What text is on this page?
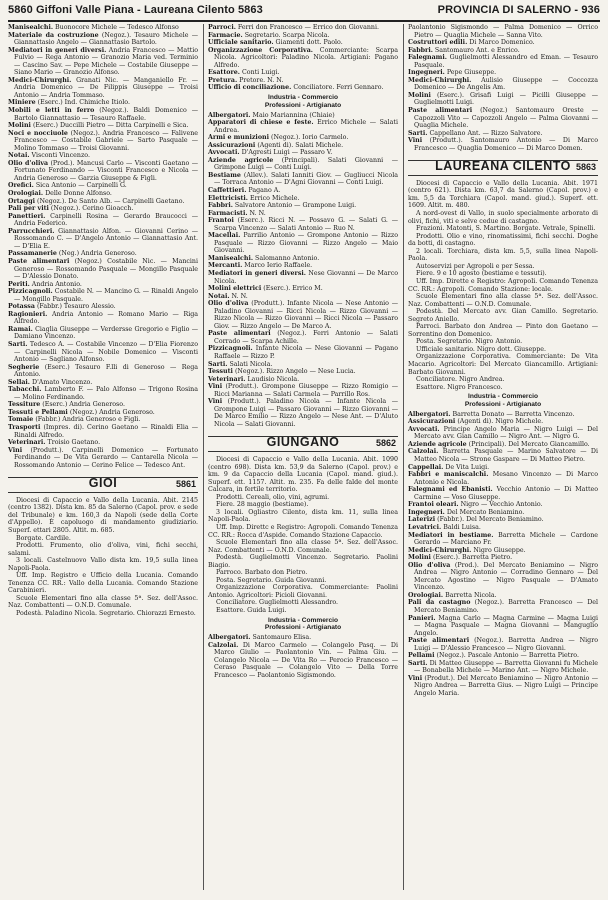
5860 Giffoni Valle Piana - Laureana Cilento 5863	PROVINCIA DI SALERNO - 936

Manisealchi. Buonocore Michele — Tedesco Alfonso

Materiale da costruzione (Negoz.). Tesauro Michele — Giannattasio Angelo — Giannattasio Bartolo.

Mediatori in generi diversi. Andria Francesco — Mattio Fulvio — Rega Antonio — Granozio Maria ved. Terminio — Cascino Sav. — Pepe Michele — Costabile Giuseppe — Siano Mario — Granozio Alfonso.

Medici-Chirurghi. Granati Nic. — Manganiello Fr. — Andria Domenico — De Filippis Giuseppe — Troisi Antonio — Andria Tommaso.

Miniere (Eserc.) Ind. Chimiche Itiolo.

Mobili e letti in ferro (Negoz.). Baldi Domenico — Bartolo Giannattasio — Tesauro Raffaele.

Molini (Eserc.) Duccilli Pietro — Ditta Carpinelli e Sica.

Noci e nocciuole (Negoz.). Andria Francesco — Falivene Francesco — Costabile Gabriele — Sarto Pasquale — Molino Tommaso — Troisi Giovanni.

Notai. Visconti Vincenzo.

Olio d'oliva (Prod.). Mancusi Carlo — Visconti Gaetano — Fortunato Ferdinando — Visconti Francesco e Nicola — Andria Generoso — Garzia Giuseppe & Figli.

Orefici. Sica Antonio — Carpinelli G.

Orologiai. Delle Donne Alfonso.

Ortaggi (Negoz.). De Santo Alb. — Carpinelli Gaetano.

Pali per viti (Negoz.). Cerino Gioacch.

Panettieri. Carpinelli Rosina — Gerardo Braucocci — Andria Federico.

Parrucchieri. Giannattasio Alfon. — Giovanni Cerino — Rossomando C. — D'Angelo Antonio — Giannattasio Ant. — D'Elia E.

Passamanerie (Neg.) Andria Generoso.

Paste alimentari (Negoz.) Costabile Nic. — Mancini Generoso — Rossomando Pasquale — Mongillo Pasquale — D'Alessio Donato.

Periti. Andria Antonio.

Pizzicagnoli. Costabile N. — Mancino G. — Rinaldi Angelo — Mongillo Pasquale.

Potassa (Fabbr.) Tesauro Alessio.

Ragionieri. Andria Antonio — Romano Mario — Riga Alfredo.

Ramai. Ciaglia Giuseppe — Verdersse Gregorio e Figlio — Damiano Vincenzo.

Sarti. Tedesco A. — Costabile Vincenzo — D'Elia Fiorenzo — Carpinelli Nicola — Nobile Domenico — Visconti Antonio — Sagliano Alfonso.

Segherie (Eserc.) Tesauro F.lli di Generoso — Rega Antonio.

Sellai. D'Amato Vincenzo.

Tabacchi. Lamberto F. — Palo Alfonso — Trigono Rosina — Molino Ferdinando.

Tessiture (Eserc.) Andria Generoso.

Tessuti e Pellami (Negoz.) Andria Generoso.

Tomaie (Fabbr.) Andria Generoso e Figli.

Trasporti (Impres. di). Cerino Gaetano — Rinaldi Elia — Rinaldi Alfredo.

Veterinari. Troisio Gaetano.

Vini (Produtt.). Carpinelli Domenico — Fortunato Ferdinando — De Vita Gerardo — Cantarella Nicola — Rossomando Antonio — Cerino Felice — Tedesco Ant.

GIOI	5861

Diocesi di Capaccio e Vallo della Lucania. Abit. 2145 (centro 1382). Dista km. 85 da Salerno (Capol. prov. e sede del Tribunale) e km. 160,3 da Napoli (sede della Corte d'Appello). È capoluogo di mandamento giudiziario. Superf. ettari 2805. Altit. m. 685.

Borgate. Cardile.

Prodotti. Frumento, olio d'oliva, vini, fichi secchi, salami.

3 locali. Castelnuovo Vallo dista km. 19,5 sulla linea Napoli-Paola.

Uff. Imp. Registro e Ufficio della Lucania. Comando Tenenza CC. RR.: Vallo della Lucania. Comando Stazione Carabinieri.

Scuole Elementari fino alla classe 5ª. Sez. dell'Assoc. Naz. Combattenti — O.N.D. Comunale.

Podestà. Paladino Nicola. Segretario. Chiorazzi Ernesto.

Parroci. Ferri don Francesco — Errico don Giovanni.

Farmacie. Segretario. Scarpa Nicola.

Ufficiale sanitario. Giamenti dott. Paolo.

Organizzazione Corporativa. Commerciante: Scarpa Nicola. Agricoltori: Paladino Nicola. Artigiani: Pagano Alfredo.

Esattore. Conti Luigi.

Pretura. Pretore. N. N.

Ufficio di conciliazione. Conciliatore. Ferri Gennaro.

Industria - Commercio
Professioni - Artigianato

Albergatori. Maio Mariannina (Chiaie)

Apparatori di chiese e feste. Errico Michele — Salati Andrea.

Armi e munizioni (Negoz.). Iorio Carmelo.

Assicurazioni (Agenti di). Salati Michele.

Avvocati. D'Agresti Luigi — Passaro V.

Aziende agricole (Principali). Salati Giovanni — Grimpone Luigi — Conti Luigi.

Bestiame (Allev.). Salati Ianniti Giov. — Gugliucci Nicola — Torraca Antonio — D'Agni Giovanni — Conti Luigi.

Caffettieri. Pagano A.

Elettricisti. Errico Michele.

Fabbri. Salvatore Antonio — Grampone Luigi.

Farmacisti. N. N.

Frantoi (Eserc.). Ricci N. — Possavo G. — Salati G. — Scarpa Vincenzo — Salati Antonio — Ruo N.

Macellai. Parrilio Antonio — Grompone Antonio — Rizzo Pasquale — Rizzo Giovanni — Rizzo Angelo — Maio Giovanni.

Manisealchi. Salomanno Antonio.

Mercanti. Marco Ierio Raffaele.

Mediatori in generi diversi. Nese Giovanni — De Marco Nicola.

Molini elettrici (Eserc.). Errico M.

Notai. N. N.

Olio d'oliva (Produtt.). Infante Nicola — Nese Antonio — Paladino Giovanni — Ricci Nicola — Rizzo Giovanni — Rizzo Nicola — Rizzo Giovanni — Ricci Nicola — Passaro Giov. — Rizzo Angelo — De Marco A.

Paste alimentari (Negoz.). Ferri Antonio — Salati Corrado — Scarpa Achille.

Pizzicagnoli. Infante Nicola — Nese Giovanni — Pagano Raffaele — Rizzo P.

Sarti. Salati Nicola.

Tessuti (Negoz.). Rizzo Angelo — Nese Lucia.

Veterinari. Laudisio Nicola.

Vini (Produtt.). Grompone Giuseppe — Rizzo Romigio — Ricci Marianna — Salati Carmela — Parrillo Ros.

Vini (Produtt.). Paladino Nicola — Infante Nicola — Grompone Luigi — Passaro Giovanni — Rizzo Giovanni — De Marco Emilio — Rizzo Angelo — Nese Ant. — D'Aluto Nicola — Salati Giovanni.

GIUNGANO	5862

Diocesi di Capaccio e Vallo della Lucania. Abit. 1090 (centro 698). Dista km. 53,9 da Salerno (Capol. prov.) e km. 9 da Capaccio della Lucania (Capol. mand. giud.). Superf. ett. 1157. Altit. m. 235. Fa delle falde del monte Calcara, in fertile territorio.

Prodotti. Cereali, olio, vini, agrumi.

Fiere. 28 maggio (bestiame).

3 locali. Ogliastro Cilento, dista km. 11, sulla linea Napoli-Paola.

Uff. Imp. Direttc e Registro: Agropoli. Comando Tenenza CC. RR.: Rocca d'Aspide. Comando Stazione Capaccio.

Scuole Elementari fino alla classe 5ª. Sez. dell'Assoc. Naz. Combattenti — O.N.D. Comunale.

Podestà. Guglielmotti Vincenzo. Segretario. Paolini Biagio.

Parroco. Barbato don Pietro.

Posta. Segretario. Guida Giovanni.

Organizzazione Corporativa. Commerciante: Paolini Antonio. Agricoltori: Picioli Giovanni.

Conciliatore. Guglielmotti Alessandro.

Esattore. Guida Luigi.

Industria - Commercio
Professioni - Artigianato

Albergatori. Santomauro Elisa.

Calzolai. Di Marco Carmelo — Colangelo Pasq. — Di Marco Giulio — Paolantonio Vin. — Palma Giu. — Colangelo Nicola — De Vita Ro — Perocio Francesco — Ceraso Pasquale — Colangelo Vito — Della Torre Francesco — Paolantonio Sigismondo.

Paolantonio Sigismondo — Palma Domenico — Orrico Pietro — Quaglia Michele — Sanna Vito.

Costruttori edili. Di Marco Domenico.

Fabbri. Santomauro Ant. e Enrico.

Falegnami. Guglielmotti Alessandro ed Eman. — Tesauro Pasquale.

Ingegneri. Pepe Giuseppe.

Medici-Chirurghi. Aulisio Giuseppe — Coccozza Domenico — De Angelis Am.

Molini (Eserc.). Grisafi Luigi — Picilli Giuseppe — Guglielmotti Luigi.

Paste alimentari (Negoz.) Santomauro Oreste — Capozzoli Vito — Capozzoli Angelo — Palma Giovanni — Quaglia Michele.

Sarti. Cappellano Ant. — Rizzo Salvatore.

Vini (Produtt.). Santomauro Antonio — Di Marco Francesco — Quaglia Domenico — Di Marco Domen.

LAUREANA CILENTO 5863

Diocesi di Capaccio e Vallo della Lucania. Abit. 1971 (centro 621). Dista km. 63,7 da Salerno (Capol. prov.) e km. 5,5 da Torchiara (Capol. mand. giud.). Superf. ett. 1609. Altit. m. 480.

A nord-ovest di Vallo, in suolo specialmente arborato di olivi, fichi, viti e selve cedue di castagno.

Frazioni. Matonti, S. Martino. Borgate. Vetrale, Spinelli.

Prodotti. Olio e vino, rinomatissimi, fichi secchi. Doghe da botti, di castagno.

2 locali. Torchiara, dista km. 5,5, sulla linea Napoli-Paola.

Autoservizi per Agropoli e per Sessa.

Fiere. 9 e 10 agosto (bestiame e tessuti).

Uff. Imp. Dirette e Registro: Agropoli. Comando Tenenza CC. RR.: Agropoli. Comando Stazione: locale.

Scuole Elementari fino alla classe 5ª. Sez. dell'Assoc. Naz. Combattenti — O.N.D. Comunale.

Podestà. Del Mercato avv. Gian Camillo. Segretario. Segreto Aniello.

Parroci. Barbato don Andrea — Pinto don Gaetano — Sorrentino don Domenico.

Posta. Segretario. Nigro Antonio.

Ufficiale sanitario. Nigro dott. Giuseppe.

Organizzazione Corporativa. Commerciante: De Vita Macario. Agricoltori: Del Mercato Giancamillo. Artigiani: Barbato Giovanni.

Conciliatore. Nigro Andrea.

Esattore. Nigro Francesco.

Industria - Commercio
Professioni - Artigianato

Albergatori. Barretta Donato — Barretta Vincenzo.

Assicurazioni (Agenti di). Nigro Michele.

Avvocati. Principe Angelo Maria — Nigro Luigi — Del Mercato avv. Gian Camillo — Nigro Ant. — Nigro G.

Aziende agricole (Principali). Del Mercato Giancamillo.

Calzolai. Barretta Pasquale — Marino Salvatore — Di Matteo Nicola — Strone Gaspare — Di Matteo Pietro.

Cappellai. De Vita Luigi.

Fabbri e maniscalchi. Mesano Vincenzo — Di Marco Antonio e Nicola.

Falegnami ed Ebanisti. Vecchio Antonio — Di Matteo Carmine — Voso Giuseppe.

Frantoi oleari. Nigro — Vecchio Antonio.

Ingegneri. Del Mercato Beniamino.

Laterizi (Fabbr.). Del Mercato Beniamino.

Levatrici. Baldi Luisa.

Mediatori in bestiame. Barretta Michele — Cardone Gerardo — Marciano Fr.

Medici-Chirurghi. Nigro Giuseppe.

Molini (Eserc.). Barretta Pietro.

Olio d'oliva (Prod.). Del Mercato Beniamino — Nigro Andrea — Nigro Antonio — Corradino Gennaro — Del Mercato Agostino — Nigro Pasquale — D'Amato Vincenzo.

Orologiai. Barretta Nicola.

Pali da castagno (Negoz.). Barretta Francesco — Del Mercato Beniamino.

Panieri. Magna Carlo — Magna Carmine — Magna Luigi — Magna Pasquale — Magna Giovanni — Manguglio Angelo.

Paste alimentari (Negoz.). Barretta Andrea — Nigro Luigi — D'Alessio Francesco — Nigro Giovanni.

Pellami (Negoz.). Pascale Antonio — Barretta Pietro.

Sarti. Di Matteo Giuseppe — Barretta Giovanni fu Michele — Bonabella Michele — Marino Ant. — Nigro Michele.

Vini (Produt.). Del Mercato Beniamino — Nigro Antonio — Nigro Andrea — Barretta Gius. — Nigro Luigi — Principe Angelo Maria.
